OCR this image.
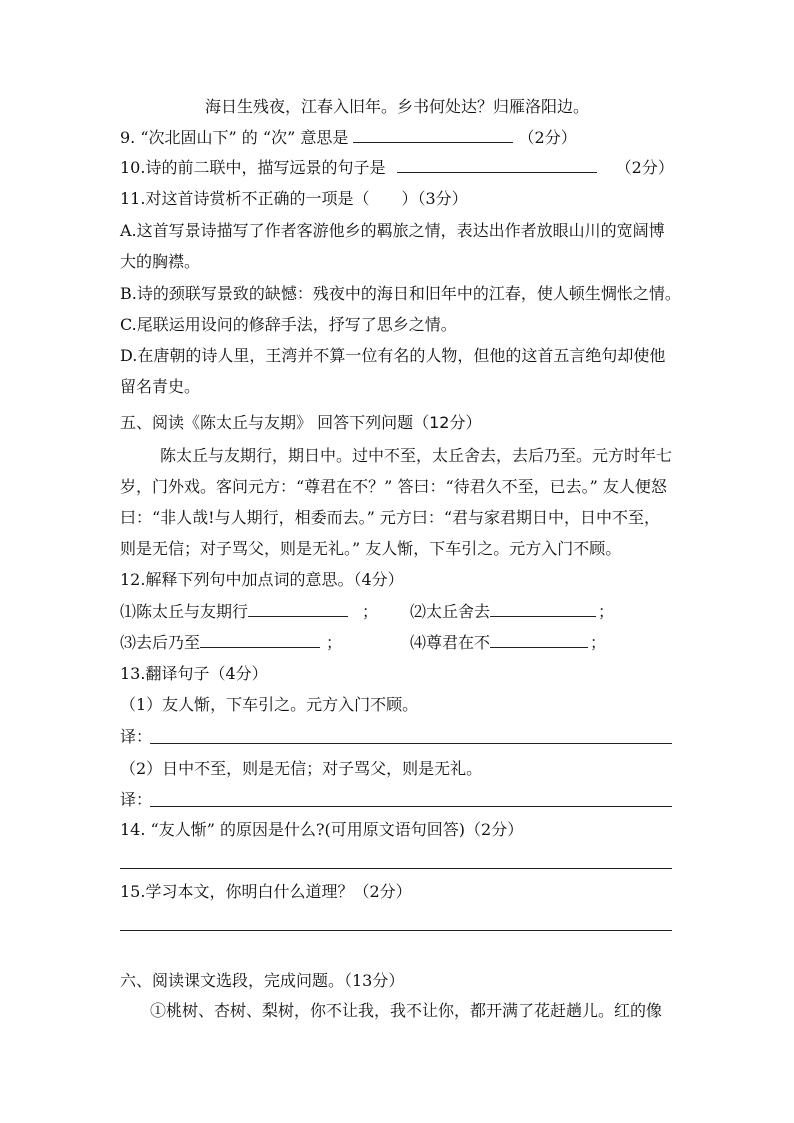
海日生残夜，江春入旧年。乡书何处达？归雁洛阳边。
9. “次北固山下” 的 “次” 意思是	（2分）
10.诗的前二联中，描写远景的句子是	（2分）
11.对这首诗赏析不正确的一项是（　　）（3分）
A.这首写景诗描写了作者客游他乡的羁旅之情，表达出作者放眼山川的宽阔博
大的胸襟。
B.诗的颈联写景致的缺憾：残夜中的海日和旧年中的江春，使人顿生惆怅之情。
C.尾联运用设问的修辞手法，抒写了思乡之情。
D.在唐朝的诗人里，王湾并不算一位有名的人物，但他的这首五言绝句却使他
留名青史。
五、阅读《陈太丘与友期》 回答下列问题（12分）
陈太丘与友期行，期日中。过中不至，太丘舍去，去后乃至。元方时年七
岁，门外戏。客问元方：“尊君在不？” 答曰：“待君久不至，已去。” 友人便怒
曰：“非人哉!与人期行，相委而去。” 元方曰：“君与家君期日中，日中不至，
则是无信；对子骂父，则是无礼。” 友人惭，下车引之。元方入门不顾。
12.解释下列句中加点词的意思。（4分）
⑴陈太丘与友期行	； ⑵太丘舍去	；
⑶去后乃至	；	⑷尊君在不	；
13.翻译句子（4分）
（1）友人惭，下车引之。元方入门不顾。
译：
（2）日中不至，则是无信；对子骂父，则是无礼。
译：
14. “友人惭” 的原因是什么?(可用原文语句回答)（2分）
15.学习本文，你明白什么道理？（2分）
六、阅读课文选段，完成问题。（13分）
①桃树、杏树、梨树，你不让我，我不让你，都开满了花赶趟儿。红的像
